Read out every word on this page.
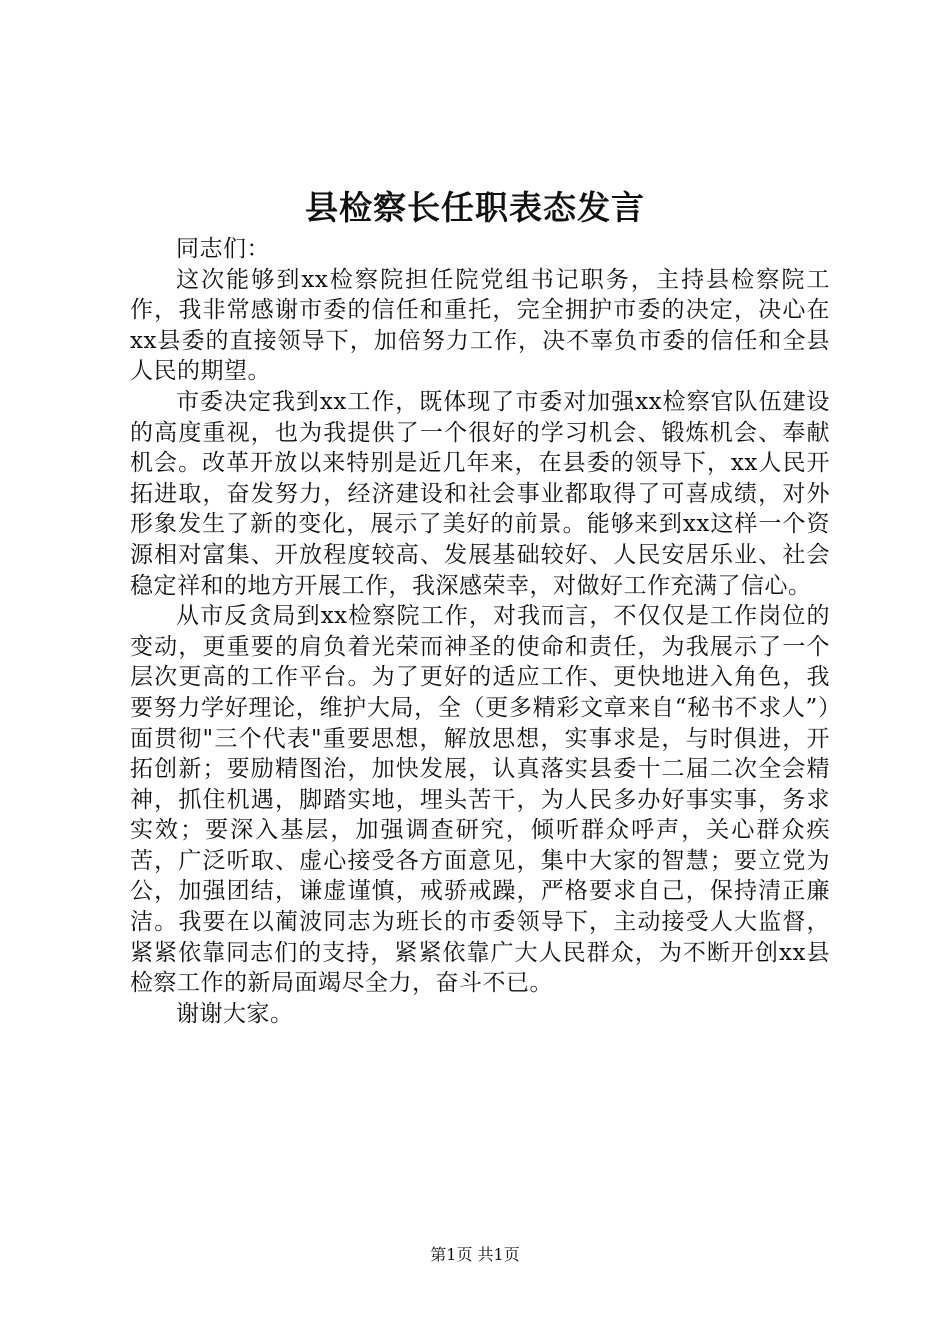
县检察长任职表态发言

同志们：

这次能够到xx检察院担任院党组书记职务，主持县检察院工作，我非常感谢市委的信任和重托，完全拥护市委的决定，决心在xx县委的直接领导下，加倍努力工作，决不辜负市委的信任和全县人民的期望。

市委决定我到xx工作，既体现了市委对加强xx检察官队伍建设的高度重视，也为我提供了一个很好的学习机会、锻炼机会、奉献机会。改革开放以来特别是近几年来，在县委的领导下，xx人民开拓进取，奋发努力，经济建设和社会事业都取得了可喜成绩，对外形象发生了新的变化，展示了美好的前景。能够来到xx这样一个资源相对富集、开放程度较高、发展基础较好、人民安居乐业、社会稳定祥和的地方开展工作，我深感荣幸，对做好工作充满了信心。

从市反贪局到xx检察院工作，对我而言，不仅仅是工作岗位的变动，更重要的肩负着光荣而神圣的使命和责任，为我展示了一个层次更高的工作平台。为了更好的适应工作、更快地进入角色，我要努力学好理论，维护大局，全（更多精彩文章来自“秘书不求人”）面贯彻"三个代表"重要思想，解放思想，实事求是，与时俱进，开拓创新；要励精图治，加快发展，认真落实县委十二届二次全会精神，抓住机遇，脚踏实地，埋头苦干，为人民多办好事实事，务求实效；要深入基层，加强调查研究，倾听群众呼声，关心群众疾苦，广泛听取、虚心接受各方面意见，集中大家的智慧；要立党为公，加强团结，谦虚谨慎，戒骄戒躁，严格要求自己，保持清正廉洁。我要在以蔺波同志为班长的市委领导下，主动接受人大监督，紧紧依靠同志们的支持，紧紧依靠广大人民群众，为不断开创xx县检察工作的新局面竭尽全力，奋斗不已。

谢谢大家。

第1页 共1页
